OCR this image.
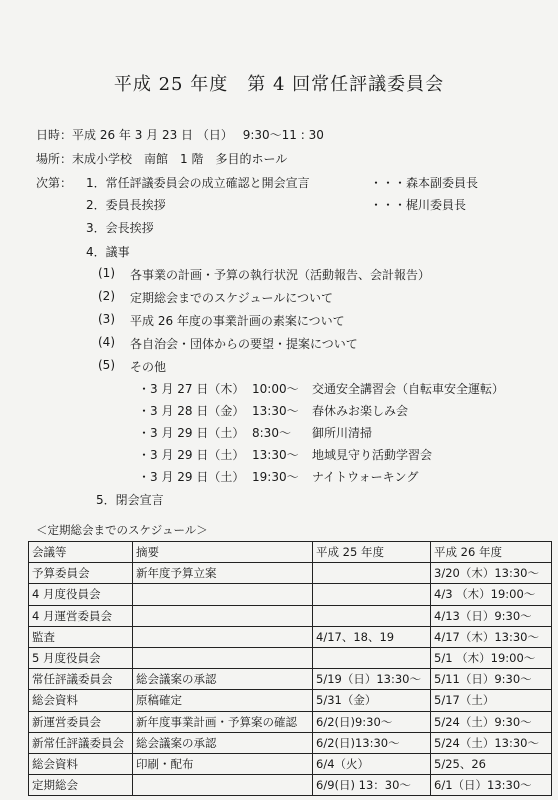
平成 25 年度　第 4 回常任評議委員会
日時：平成 26 年 3 月 23 日 （日）　 9:30～11 : 30
場所：末成小学校　南館　1 階　多目的ホール
次第： 1．常任評議委員会の成立確認と開会宣言	・・・森本副委員長
2．委員長挨拶	・・・梶川委員長
3．会長挨拶
4．議事
(1) 各事業の計画・予算の執行状況（活動報告、会計報告）
(2) 定期総会までのスケジュールについて
(3) 平成 26 年度の事業計画の素案について
(4) 各自治会・団体からの要望・提案について
(5) その他
・ 3 月 27 日（木） 10:00～ 交通安全講習会（自転車安全運転）
・ 3 月 28 日（金） 13:30～ 春休みお楽しみ会
・ 3 月 29 日（土） 8:30～ 御所川清掃
・ 3 月 29 日（土） 13:30～ 地域見守り活動学習会
・ 3 月 29 日（土） 19:30～ ナイトウォーキング
5．閉会宣言
＜定期総会までのスケジュール＞
会議等	摘要	平成 25 年度	平成 26 年度
予算委員会	新年度予算立案		3/20（木）13:30～
4 月度役員会			4/3 （木）19:00～
4 月運営委員会			4/13（日）9:30～
監査		4/17、18、19	4/17（木）13:30～
5 月度役員会			5/1 （木）19:00～
常任評議委員会	総会議案の承認	5/19（日）13:30～	5/11（日）9:30～
総会資料	原稿確定	5/31（金）	5/17（土）
新運営委員会	新年度事業計画・予算案の確認	6/2(日)9:30～	5/24（土）9:30～
新常任評議委員会	総会議案の承認	6/2(日)13:30～	5/24（土）13:30～
総会資料	印刷・配布	6/4（火）	5/25、26
定期総会		6/9(日) 13：30～	6/1（日）13:30～
